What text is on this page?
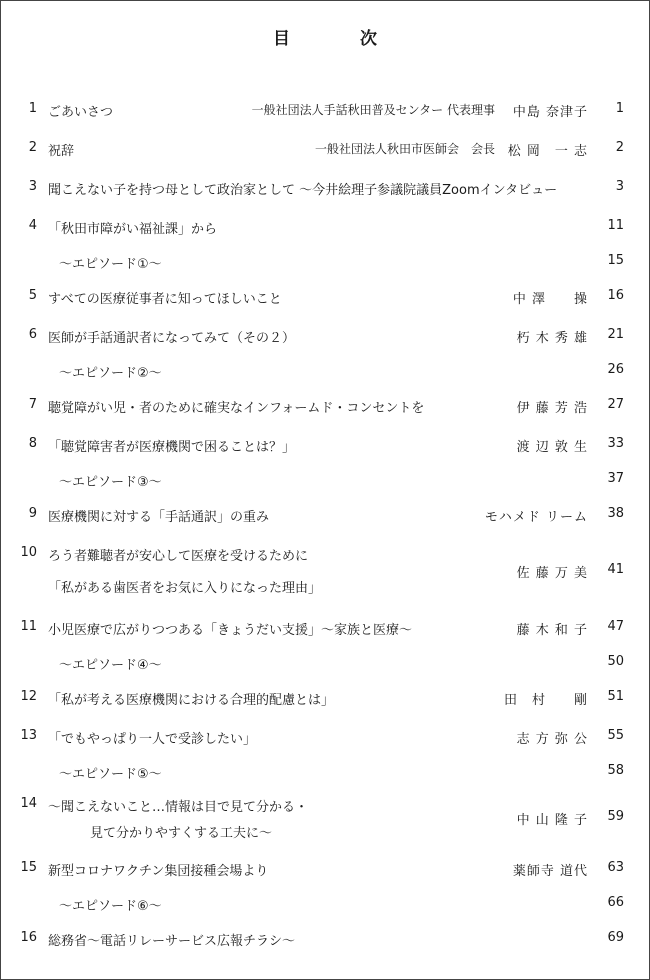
目	次
1 ごあいさつ	一般社団法人手話秋田普及センター 代表理事 中島 奈津子	1
2 祝辞	一般社団法人秋田市医師会　会長 松 岡　一 志	2
3 聞こえない子を持つ母として政治家として ～今井絵理子参議院議員Zoomインタビュー	3
4 「秋田市障がい福祉課」から	11
～エピソード①～	15
5 すべての医療従事者に知ってほしいこと	中 澤　　操	16
6 医師が手話通訳者になってみて（その２）	朽 木 秀 雄	21
～エピソード②～	26
7 聴覚障がい児・者のために確実なインフォームド・コンセントを	伊 藤 芳 浩	27
8 「聴覚障害者が医療機関で困ることは？」	渡 辺 敦 生	33
～エピソード③～	37
9 医療機関に対する「手話通訳」の重み	モハメド リーム	38
10 ろう者難聴者が安心して医療を受けるために
「私がある歯医者をお気に入りになった理由」
佐 藤 万 美	41
11 小児医療で広がりつつある「きょうだい支援」～家族と医療～	藤 木 和 子	47
～エピソード④～	50
12 「私が考える医療機関における合理的配慮とは」	田　村　　剛	51
13 「でもやっぱり一人で受診したい」	志 方 弥 公	55
～エピソード⑤～	58
14 ～聞こえないこと…情報は目で見て分かる・
見て分かりやすくする工夫に～
中 山 隆 子	59
15 新型コロナワクチン集団接種会場より	薬師寺 道代	63
～エピソード⑥～	66
16 総務省～電話リレーサービス広報チラシ～	69
